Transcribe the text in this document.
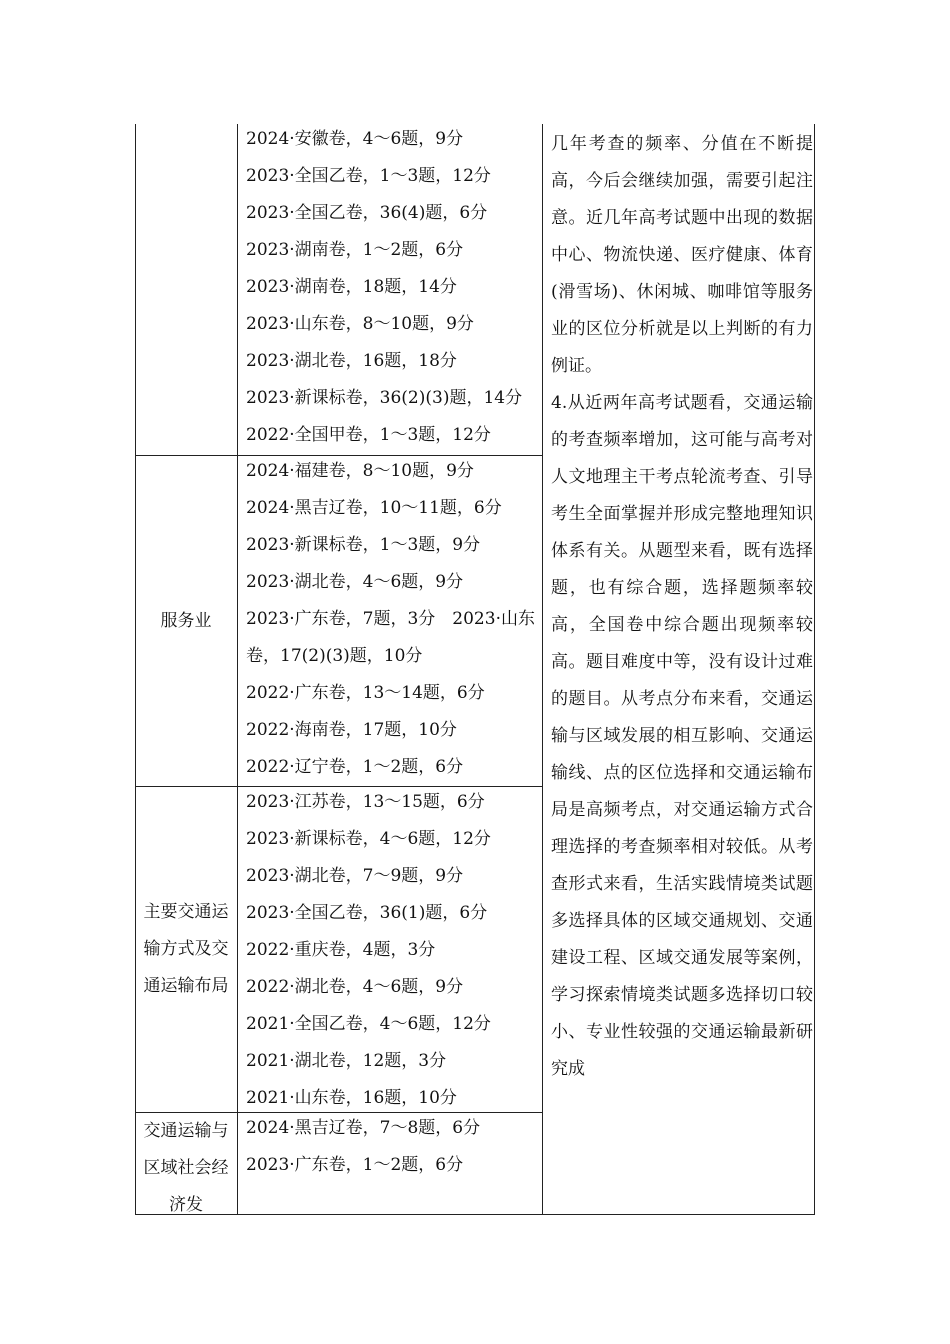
2024·安徽卷，4～6题，9分
2023·全国乙卷，1～3题，12分
2023·全国乙卷，36(4)题，6分
2023·湖南卷，1～2题，6分
2023·湖南卷，18题，14分
2023·山东卷，8～10题，9分
2023·湖北卷，16题，18分
2023·新课标卷，36(2)(3)题，14分
2022·全国甲卷，1～3题，12分
服务业
2024·福建卷，8～10题，9分
2024·黑吉辽卷，10～11题，6分
2023·新课标卷，1～3题，9分
2023·湖北卷，4～6题，9分
2023·广东卷，7题，3分　2023·山东卷，17(2)(3)题，10分
2022·广东卷，13～14题，6分
2022·海南卷，17题，10分
2022·辽宁卷，1～2题，6分
主要交通运输方式及交通运输布局
2023·江苏卷，13～15题，6分
2023·新课标卷，4～6题，12分
2023·湖北卷，7～9题，9分
2023·全国乙卷，36(1)题，6分
2022·重庆卷，4题，3分
2022·湖北卷，4～6题，9分
2021·全国乙卷，4～6题，12分
2021·湖北卷，12题，3分
2021·山东卷，16题，10分
交通运输与区域社会经济发
2024·黑吉辽卷，7～8题，6分
2023·广东卷，1～2题，6分

几年考查的频率、分值在不断提高，今后会继续加强，需要引起注意。近几年高考试题中出现的数据中心、物流快递、医疗健康、体育(滑雪场)、休闲城、咖啡馆等服务业的区位分析就是以上判断的有力例证。

4.从近两年高考试题看，交通运输的考查频率增加，这可能与高考对人文地理主干考点轮流考查、引导考生全面掌握并形成完整地理知识体系有关。从题型来看，既有选择题，也有综合题，选择题频率较高，全国卷中综合题出现频率较高。题目难度中等，没有设计过难的题目。从考点分布来看，交通运输与区域发展的相互影响、交通运输线、点的区位选择和交通运输布局是高频考点，对交通运输方式合理选择的考查频率相对较低。从考查形式来看，生活实践情境类试题多选择具体的区域交通规划、交通建设工程、区域交通发展等案例，学习探索情境类试题多选择切口较小、专业性较强的交通运输最新研究成
